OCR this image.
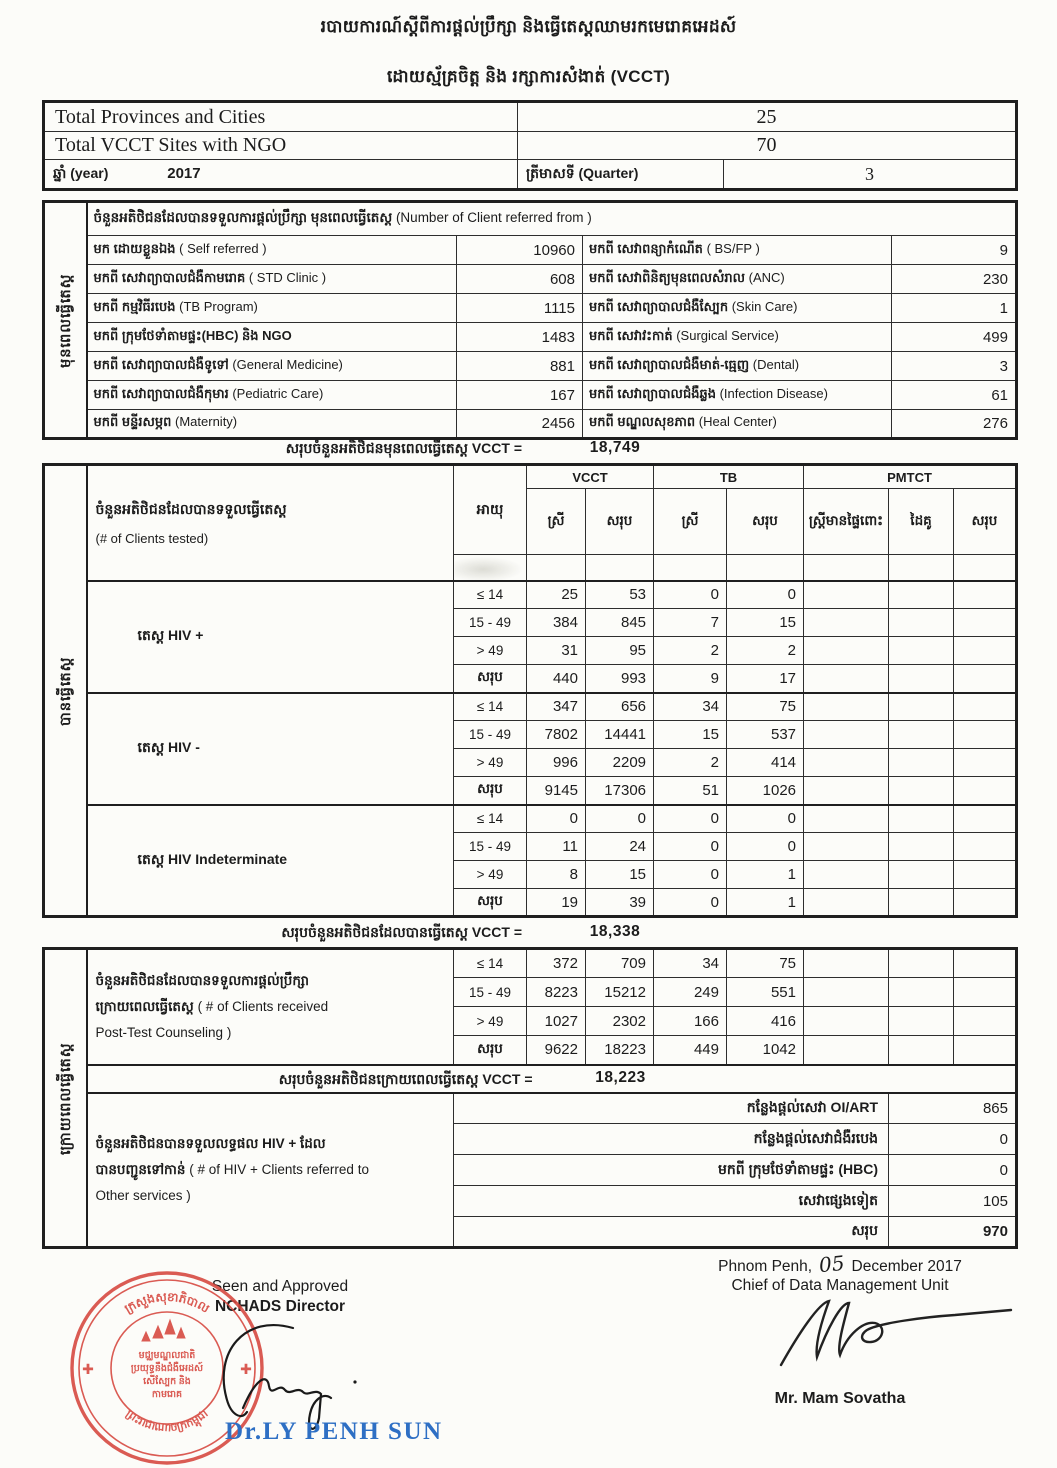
របាយការណ៍ស្ដីពីការផ្ដល់ប្រឹក្សា និងធ្វើតេស្ដឈាមរកមេរោគអេដស៍
ដោយស្ម័គ្រចិត្ត និង រក្សាការសំងាត់ (VCCT)
Total Provinces and Cities	25	
Total VCCT Sites with NGO	70	
ឆ្នាំ (year) 2017	ត្រីមាសទី (Quarter)	3
មុនពេលធ្វើតេស្ដ	ចំនួនអតិថិជនដែលបានទទួលការផ្ដល់ប្រឹក្សា មុនពេលធ្វើតេស្ដ (Number of Client referred from )			
	មក ដោយខ្លួនឯង ( Self referred )	10960	មកពី សេវាពន្យាកំណើត ( BS/FP )	9
	មកពី សេវាព្យាបាលជំងឺកាមរោគ ( STD Clinic )	608	មកពី សេវាពិនិត្យមុនពេលសំរាល (ANC)	230
	មកពី កម្មវិធីរបេង (TB Program)	1115	មកពី សេវាព្យាបាលជំងឺស្បែក (Skin Care)	1
	មកពី ក្រុមថែទាំតាមផ្ទះ(HBC) និង NGO	1483	មកពី សេវាវះកាត់ (Surgical Service)	499
	មកពី សេវាព្យាបាលជំងឺទូទៅ (General Medicine)	881	មកពី សេវាព្យាបាលជំងឺមាត់-ធ្មេញ (Dental)	3
	មកពី សេវាព្យាបាលជំងឺកុមារ (Pediatric Care)	167	មកពី សេវាព្យាបាលជំងឺឆ្លង (Infection Disease)	61
	មកពី មន្ទីរសម្ភព (Maternity)	2456	មកពី មណ្ឌលសុខភាព (Heal Center)	276
សរុបចំនួនអតិថិជនមុនពេលធ្វើតេស្ដ VCCT =	18,749
បានធ្វើតេស្ដ	ចំនួនអតិថិជនដែលបានទទួលធ្វើតេស្ដ
(# of Clients tested)	អាយុ	VCCT		TB		PMTCT		
			ស្រី	សរុប	ស្រី	សរុប	ស្ត្រីមានផ្ទៃពោះ	ដៃគូ	សរុប

	តេស្ដ HIV +	≤ 14	25	53	0	0			
		15 - 49	384	845	7	15			
		> 49	31	95	2	2			
		សរុប	440	993	9	17			
	តេស្ដ HIV -	≤ 14	347	656	34	75			
		15 - 49	7802	14441	15	537			
		> 49	996	2209	2	414			
		សរុប	9145	17306	51	1026			
	តេស្ដ HIV Indeterminate	≤ 14	0	0	0	0			
		15 - 49	11	24	0	0			
		> 49	8	15	0	1			
		សរុប	19	39	0	1			
សរុបចំនួនអតិថិជនដែលបានធ្វើតេស្ដ VCCT =	18,338
ក្រោយពេលធ្វើតេស្ដ	ចំនួនអតិថិជនដែលបានទទួលការផ្ដល់ប្រឹក្សា
ក្រោយពេលធ្វើតេស្ដ ( # of Clients received
Post-Test Counseling )	≤ 14	372	709	34	75			
		15 - 49	8223	15212	249	551			
		> 49	1027	2302	166	416			
		សរុប	9622	18223	449	1042			

	សរុបចំនួនអតិថិជនក្រោយពេលធ្វើតេស្ដ VCCT = 18,223								

	ចំនួនអតិថិជនបានទទួលលទ្ធផល HIV + ដែល
បានបញ្ជូនទៅកាន់ ( # of HIV + Clients referred to
Other services )	កន្លែងផ្ដល់សេវា OI/ART						865	
		កន្លែងផ្ដល់សេវាជំងឺរបេង						0	
		មកពី ក្រុមថែទាំតាមផ្ទះ (HBC)						0	
		សេវាផ្សេងទៀត						105	
		សរុប						970	
Phnom Penh, 05 December 2017
Chief of Data Management Unit
Mr. Mam Sovatha
Seen and Approved
NCHADS Director
ក្រសួងសុខាភិបាល
ព្រះរាជាណាចក្រកម្ពុជា
មជ្ឈមណ្ឌលជាតិ
ប្រយុទ្ធនឹងជំងឺអេដស៍
សើស្បែក និង
កាមរោគ
✚	✚
Dr.LY PENH SUN
